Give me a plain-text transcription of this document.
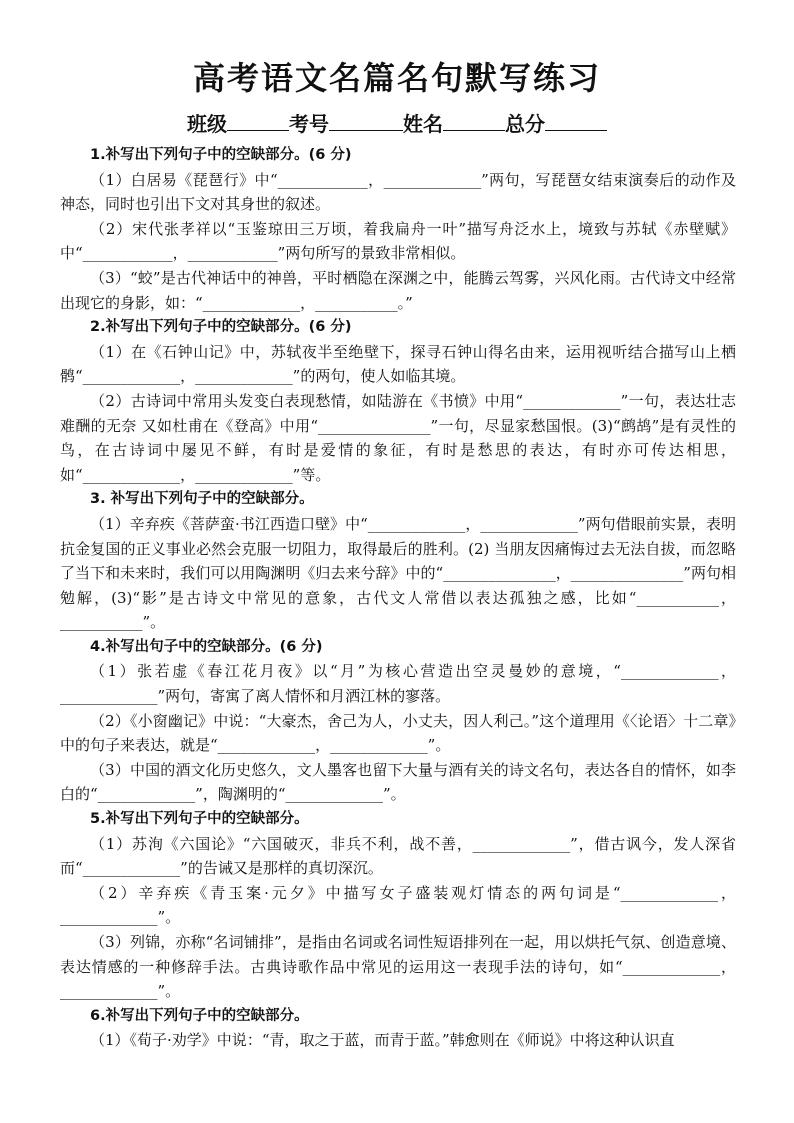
高考语文名篇名句默写练习
班级	考号	姓名	总分

1.补写出下列句子中的空缺部分。(6 分)

（1）白居易《琵琶行》中“____________，_____________”两句，写琵琶女结束演奏后的动作及神态，同时也引出下文对其身世的叙述。

（2）宋代张孝祥以“玉鉴琼田三万顷，着我扁舟一叶”描写舟泛水上，境致与苏轼《赤壁赋》中“____________，____________”两句所写的景致非常相似。

（3）“蛟”是古代神话中的神兽，平时栖隐在深渊之中，能腾云驾雾，兴风化雨。古代诗文中经常出现它的身影，如：“_____________，___________。”

2.补写出下列句子中的空缺部分。(6 分)

（1）在《石钟山记》中，苏轼夜半至绝壁下，探寻石钟山得名由来，运用视听结合描写山上栖鹘“_____________，_____________”的两句，使人如临其境。

（2）古诗词中常用头发变白表现愁情，如陆游在《书愤》中用“_____________”一句，表达壮志难酬的无奈 又如杜甫在《登高》中用“_______________”一句，尽显家愁国恨。(3)“鹧鸪”是有灵性的鸟，在古诗词中屡见不鲜，有时是爱情的象征，有时是愁思的表达，有时亦可传达相思，如“_____________，_____________”等。

3. 补写出下列句子中的空缺部分。

（1）辛弃疾《菩萨蛮·书江西造口壁》中“_____________，_____________”两句借眼前实景，表明抗金复国的正义事业必然会克服一切阻力，取得最后的胜利。(2) 当朋友因痛悔过去无法自拔，而忽略了当下和未来时，我们可以用陶渊明《归去来兮辞》中的“_______________，_______________”两句相勉解，(3)“影”是古诗文中常见的意象，古代文人常借以表达孤独之感，比如“___________，___________”。

4.补写出句子中的空缺部分。(6 分)

（1）张若虚《春江花月夜》以“月”为核心营造出空灵曼妙的意境，“_____________，_____________”两句，寄寓了离人情怀和月洒江林的寥落。

（2）《小窗幽记》中说：“大豪杰，舍己为人，小丈夫，因人利己。”这个道理用《〈论语〉十二章》中的句子来表达，就是“_____________，_____________”。

（3）中国的酒文化历史悠久，文人墨客也留下大量与酒有关的诗文名句，表达各自的情怀，如李白的“_____________”，陶渊明的“_____________”。

5.补写出下列句子中的空缺部分。

（1）苏洵《六国论》“六国破灭，非兵不利，战不善，_____________”，借古讽今，发人深省而“_____________”的告诫又是那样的真切深沉。

（2）辛弃疾《青玉案·元夕》中描写女子盛装观灯情态的两句词是“_____________，_____________”。

（3）列锦，亦称“名词铺排”，是指由名词或名词性短语排列在一起，用以烘托气氛、创造意境、表达情感的一种修辞手法。古典诗歌作品中常见的运用这一表现手法的诗句，如“_____________，_____________”。

6.补写出下列句子中的空缺部分。

（1）《荀子·劝学》中说：“青，取之于蓝，而青于蓝。”韩愈则在《师说》中将这种认识直
